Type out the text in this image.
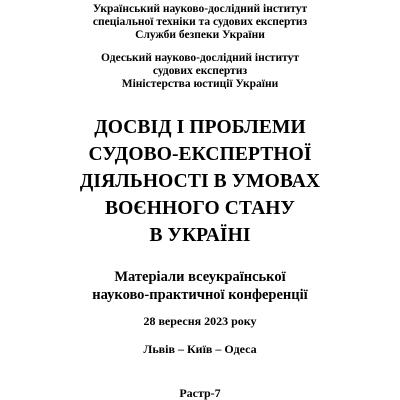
Український науково-дослідний інститут
спеціальної техніки та судових експертиз
Служби безпеки України
Одеський науково-дослідний інститут
судових експертиз
Міністерства юстиції України
ДОСВІД І ПРОБЛЕМИ
СУДОВО-ЕКСПЕРТНОЇ
ДІЯЛЬНОСТІ В УМОВАХ
ВОЄННОГО СТАНУ
В УКРАЇНІ
Матеріали всеукраїнської
науково-практичної конференції
28 вересня 2023 року
Львів – Київ – Одеса
Растр-7
